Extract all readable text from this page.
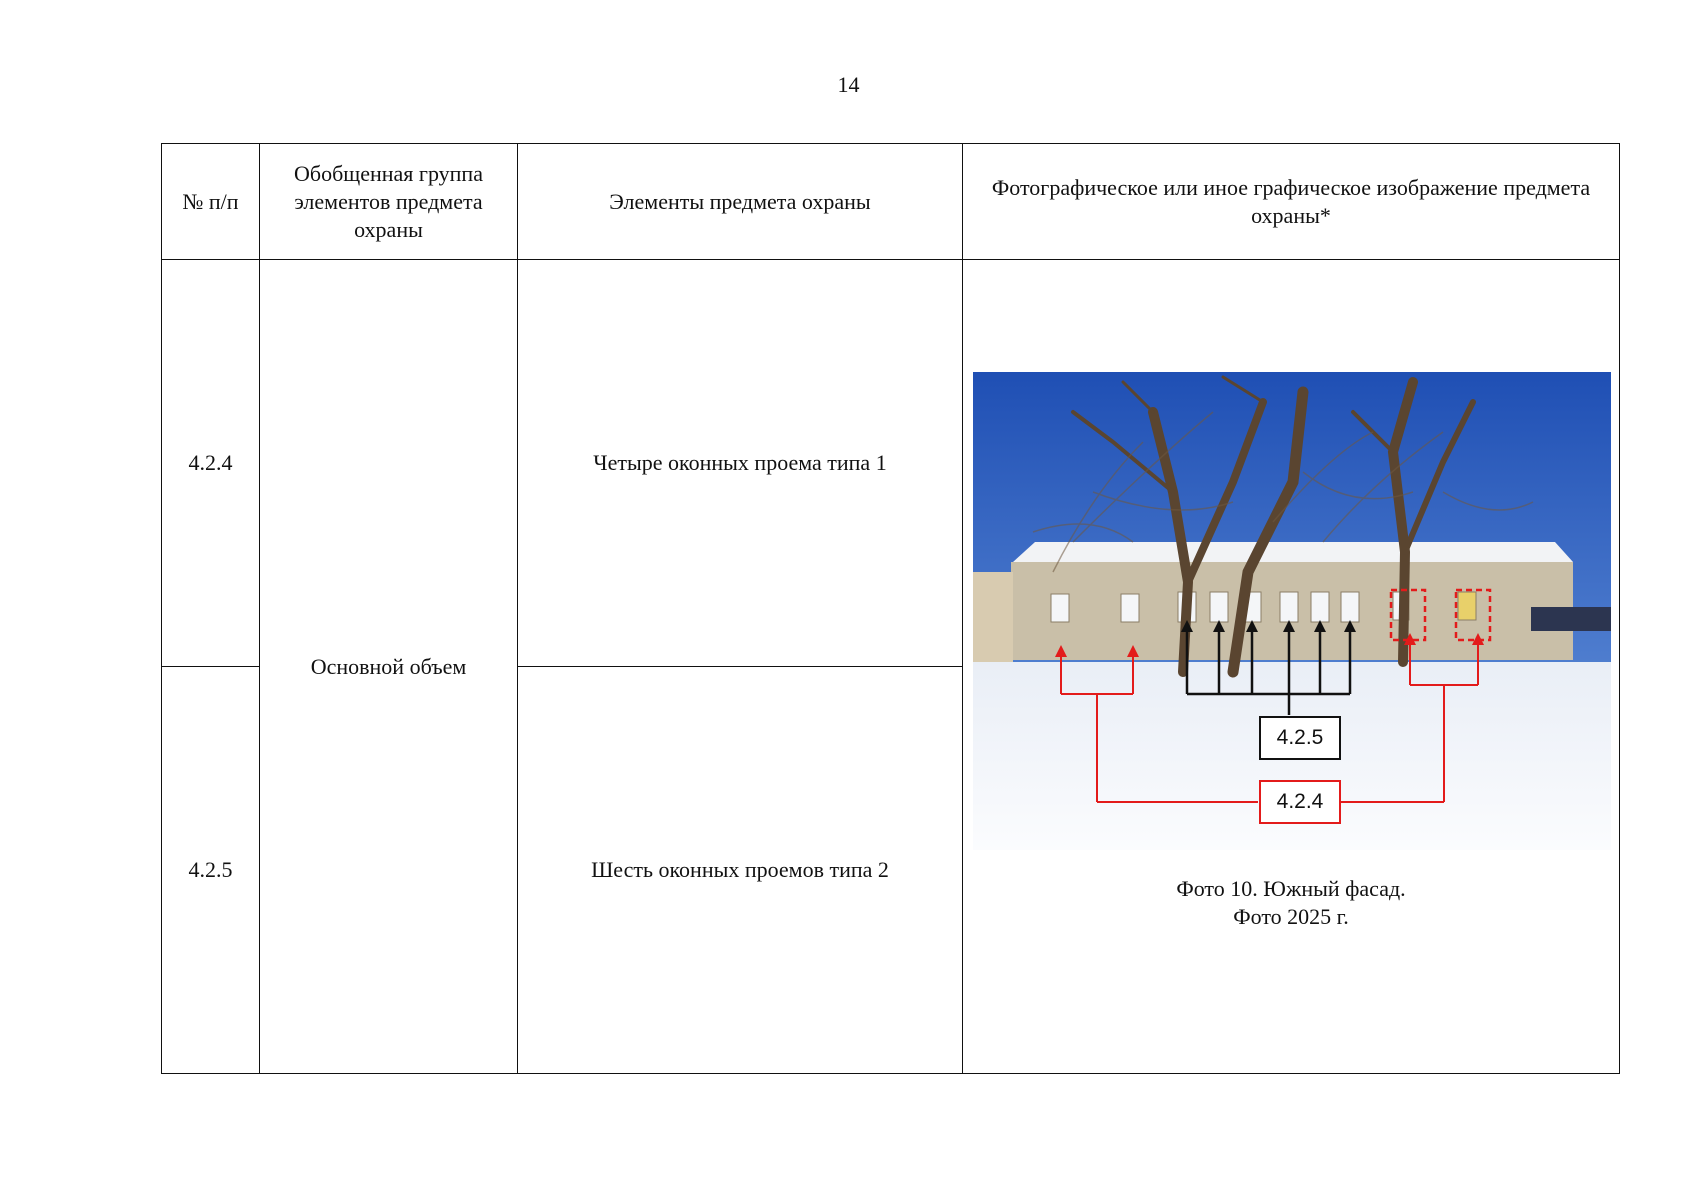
14
№ п/п	Обобщенная группа элементов предмета охраны	Элементы предмета охраны	Фотографическое или иное графическое изображение предмета охраны*
4.2.4	Основной объем	Четыре оконных проема типа 1	4.2.5
4.2.4
Фото 10. Южный фасад.
Фото 2025 г.

4.2.5		Шесть оконных проемов типа 2	
